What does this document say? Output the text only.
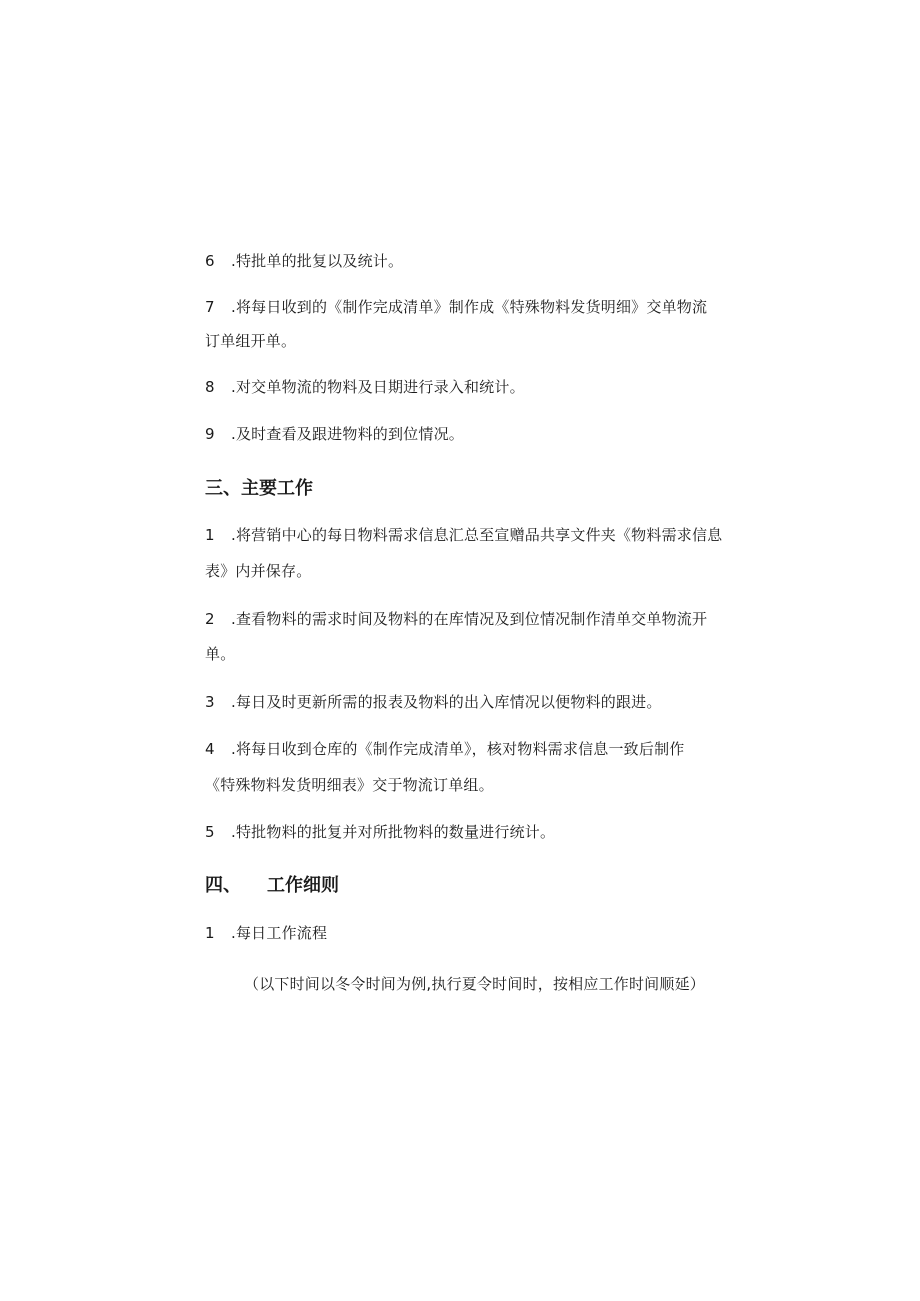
6 .特批单的批复以及统计。
7 .将每日收到的《制作完成清单》制作成《特殊物料发货明细》交单物流
订单组开单。
8 .对交单物流的物料及日期进行录入和统计。
9 .及时查看及跟进物料的到位情况。
三、主要工作
1 .将营销中心的每日物料需求信息汇总至宣赠品共享文件夹《物料需求信息
表》内并保存。
2 .查看物料的需求时间及物料的在库情况及到位情况制作清单交单物流开
单。
3 .每日及时更新所需的报表及物料的出入库情况以便物料的跟进。
4 .将每日收到仓库的《制作完成清单》，核对物料需求信息一致后制作
《特殊物料发货明细表》交于物流订单组。
5 .特批物料的批复并对所批物料的数量进行统计。
四、 工作细则
1 .每日工作流程
（以下时间以冬令时间为例,执行夏令时间时，按相应工作时间顺延）
